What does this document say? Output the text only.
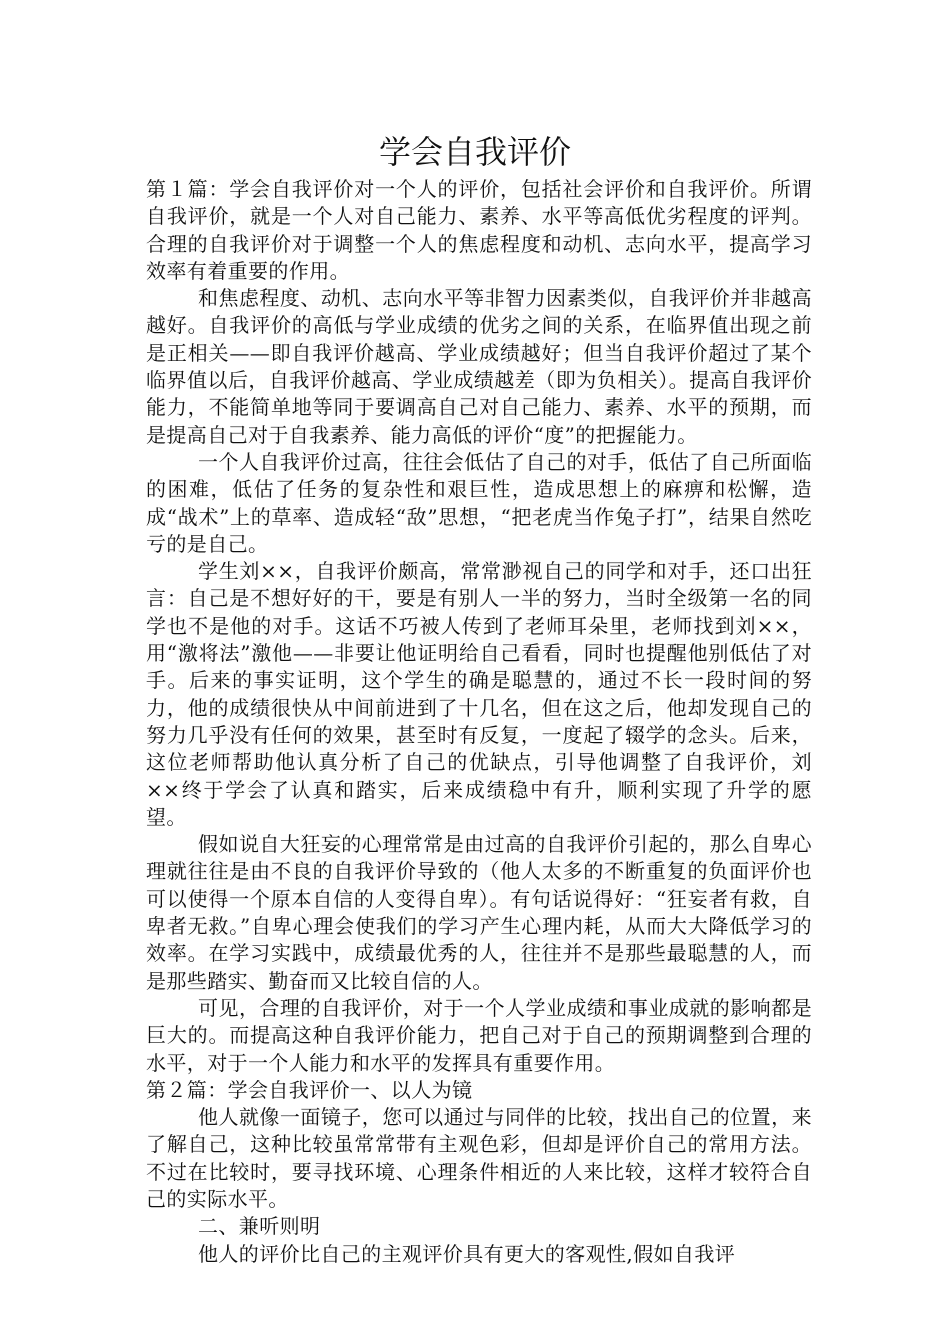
学会自我评价

第１篇：学会自我评价对一个人的评价，包括社会评价和自我评价。所谓自我评价，就是一个人对自己能力、素养、水平等高低优劣程度的评判。合理的自我评价对于调整一个人的焦虑程度和动机、志向水平，提高学习效率有着重要的作用。

和焦虑程度、动机、志向水平等非智力因素类似，自我评价并非越高越好。自我评价的高低与学业成绩的优劣之间的关系，在临界值出现之前是正相关——即自我评价越高、学业成绩越好；但当自我评价超过了某个临界值以后，自我评价越高、学业成绩越差（即为负相关）。提高自我评价能力，不能简单地等同于要调高自己对自己能力、素养、水平的预期，而是提高自己对于自我素养、能力高低的评价“度”的把握能力。

一个人自我评价过高，往往会低估了自己的对手，低估了自己所面临的困难，低估了任务的复杂性和艰巨性，造成思想上的麻痹和松懈，造成“战术”上的草率、造成轻“敌”思想，“把老虎当作兔子打”，结果自然吃亏的是自己。

学生刘××，自我评价颇高，常常渺视自己的同学和对手，还口出狂言：自己是不想好好的干，要是有别人一半的努力，当时全级第一名的同学也不是他的对手。这话不巧被人传到了老师耳朵里，老师找到刘××，用“激将法”激他——非要让他证明给自己看看，同时也提醒他别低估了对手。后来的事实证明，这个学生的确是聪慧的，通过不长一段时间的努力，他的成绩很快从中间前进到了十几名，但在这之后，他却发现自己的努力几乎没有任何的效果，甚至时有反复，一度起了辍学的念头。后来，这位老师帮助他认真分析了自己的优缺点，引导他调整了自我评价，刘××终于学会了认真和踏实，后来成绩稳中有升，顺利实现了升学的愿望。

假如说自大狂妄的心理常常是由过高的自我评价引起的，那么自卑心理就往往是由不良的自我评价导致的（他人太多的不断重复的负面评价也可以使得一个原本自信的人变得自卑）。有句话说得好：“狂妄者有救，自卑者无救。”自卑心理会使我们的学习产生心理内耗，从而大大降低学习的效率。在学习实践中，成绩最优秀的人，往往并不是那些最聪慧的人，而是那些踏实、勤奋而又比较自信的人。

可见，合理的自我评价，对于一个人学业成绩和事业成就的影响都是巨大的。而提高这种自我评价能力，把自己对于自己的预期调整到合理的水平，对于一个人能力和水平的发挥具有重要作用。

第２篇：学会自我评价一、以人为镜

他人就像一面镜子，您可以通过与同伴的比较，找出自己的位置，来了解自己，这种比较虽常常带有主观色彩，但却是评价自己的常用方法。不过在比较时，要寻找环境、心理条件相近的人来比较，这样才较符合自己的实际水平。

二、兼听则明

他人的评价比自己的主观评价具有更大的客观性,假如自我评
